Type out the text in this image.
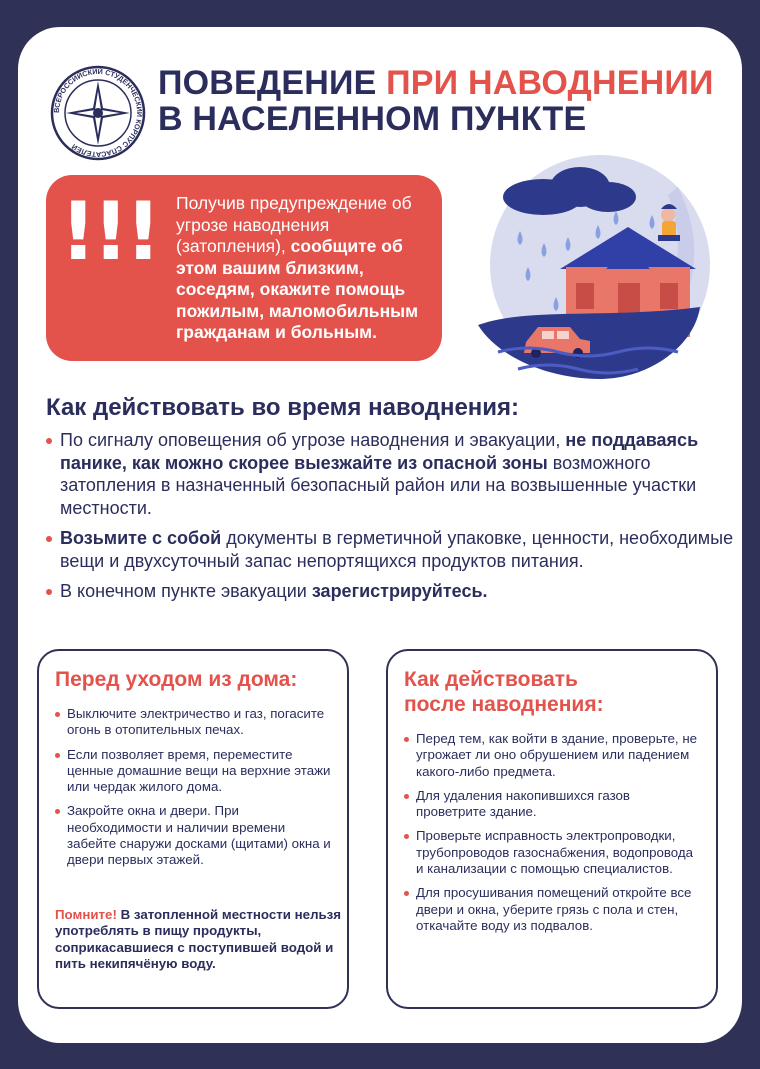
ВСЕРОССИЙСКИЙ СТУДЕНЧЕСКИЙ КОРПУС СПАСАТЕЛЕЙ
ПОВЕДЕНИЕ ПРИ НАВОДНЕНИИ
В НАСЕЛЕННОМ ПУНКТЕ
!!! Получив предупреждение об угрозе наводнения (затопления), сообщите об этом вашим близким, соседям, окажите помощь пожилым, маломобильным гражданам и больным.
Как действовать во время наводнения:
По сигналу оповещения об угрозе наводнения и эвакуации, не поддаваясь панике, как можно скорее выезжайте из опасной зоны возможного затопления в назначенный безопасный район или на возвышенные участки местности.
Возьмите с собой документы в герметичной упаковке, ценности, необходимые вещи и двухсуточный запас непортящихся продуктов питания.
В конечном пункте эвакуации зарегистрируйтесь.
Перед уходом из дома:
Выключите электричество и газ, погасите огонь в отопительных печах.
Если позволяет время, переместите ценные домашние вещи на верхние этажи или чердак жилого дома.
Закройте окна и двери. При необходимости и наличии времени забейте снаружи досками (щитами) окна и двери первых этажей.
Помните! В затопленной местности нельзя употреблять в пищу продукты, соприкасавшиеся с поступившей водой и пить некипячёную воду.
Как действовать после наводнения:
Перед тем, как войти в здание, проверьте, не угрожает ли оно обрушением или падением какого-либо предмета.
Для удаления накопившихся газов проветрите здание.
Проверьте исправность электропроводки, трубопроводов газоснабжения, водопровода и канализации с помощью специалистов.
Для просушивания помещений откройте все двери и окна, уберите грязь с пола и стен, откачайте воду из подвалов.
